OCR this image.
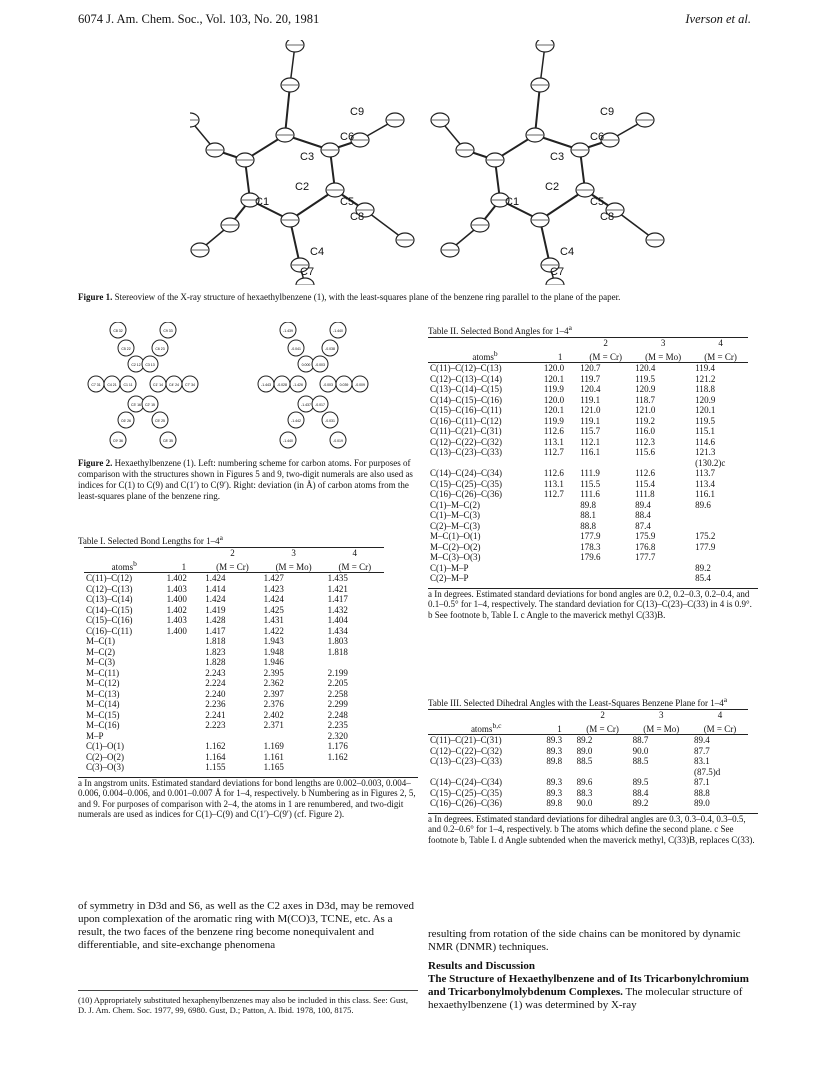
6074 J. Am. Chem. Soc., Vol. 103, No. 20, 1981	Iverson et al.
C9
C6
C3
C2
C1	C5
C8
C4
C7
C9
C6
C3
C2
C1	C5
C8
C4
C7
Figure 1. Stereoview of the X-ray structure of hexaethylbenzene (1), with the least-squares plane of the benzene ring parallel to the plane of the paper.
C8 32	C9 33
C5 22	C6 23
C2 12 C3 13
C7 31 C4 21 C1 11	C1′ 14 C4′ 24 C7′ 34
C3′ 16 C2′ 15
C6′ 26	C5′ 25
C9′ 36	C8′ 35
-1.439	-1.440
-0.041	-0.038
0.000 -0.003
-1.443 -0.028 -1.426	-0.003 0.039 -0.009
-1.437 -0.017
-1.442	-0.031
-1.440	-0.019
Figure 2. Hexaethylbenzene (1). Left: numbering scheme for carbon atoms. For purposes of comparison with the structures shown in Figures 5 and 9, two-digit numerals are also used as indices for C(1) to C(9) and C(1′) to C(9′). Right: deviation (in Å) of carbon atoms from the least-squares plane of the benzene ring.
Table I. Selected Bond Lengths for 1–4$^a$
		2	3	4
atoms$^b$	1	(M = Cr)	(M = Mo)	(M = Cr)
C(11)–C(12)	1.402	1.424	1.427	1.435
C(12)–C(13)	1.403	1.414	1.423	1.421
C(13)–C(14)	1.400	1.424	1.424	1.417
C(14)–C(15)	1.402	1.419	1.425	1.432
C(15)–C(16)	1.403	1.428	1.431	1.404
C(16)–C(11)	1.400	1.417	1.422	1.434
M–C(1)		1.818	1.943	1.803
M–C(2)		1.823	1.948	1.818
M–C(3)		1.828	1.946	
M–C(11)		2.243	2.395	2.199
M–C(12)		2.224	2.362	2.205
M–C(13)		2.240	2.397	2.258
M–C(14)		2.236	2.376	2.299
M–C(15)		2.241	2.402	2.248
M–C(16)		2.223	2.371	2.235
M–P				2.320
C(1)–O(1)		1.162	1.169	1.176
C(2)–O(2)		1.164	1.161	1.162
C(3)–O(3)		1.155	1.165	
a In angstrom units. Estimated standard deviations for bond lengths are 0.002–0.003, 0.004–0.006, 0.004–0.006, and 0.001–0.007 Å for 1–4, respectively. b Numbering as in Figures 2, 5, and 9. For purposes of comparison with 2–4, the atoms in 1 are renumbered, and two-digit numerals are used as indices for C(1)–C(9) and C(1′)–C(9′) (cf. Figure 2).
Table II. Selected Bond Angles for 1–4$^a$
		2	3	4
atoms$^b$	1	(M = Cr)	(M = Mo)	(M = Cr)
C(11)–C(12)–C(13)	120.0	120.7	120.4	119.4
C(12)–C(13)–C(14)	120.1	119.7	119.5	121.2
C(13)–C(14)–C(15)	119.9	120.4	120.9	118.8
C(14)–C(15)–C(16)	120.0	119.1	118.7	120.9
C(15)–C(16)–C(11)	120.1	121.0	121.0	120.1
C(16)–C(11)–C(12)	119.9	119.1	119.2	119.5
C(11)–C(21)–C(31)	112.6	115.7	116.0	115.1
C(12)–C(22)–C(32)	113.1	112.1	112.3	114.6
C(13)–C(23)–C(33)	112.7	116.1	115.6	121.3
				(130.2)c
C(14)–C(24)–C(34)	112.6	111.9	112.6	113.7
C(15)–C(25)–C(35)	113.1	115.5	115.4	113.4
C(16)–C(26)–C(36)	112.7	111.6	111.8	116.1
C(1)–M–C(2)		89.8	89.4	89.6
C(1)–M–C(3)		88.1	88.4	
C(2)–M–C(3)		88.8	87.4	
M–C(1)–O(1)		177.9	175.9	175.2
M–C(2)–O(2)		178.3	176.8	177.9
M–C(3)–O(3)		179.6	177.7	
C(1)–M–P				89.2
C(2)–M–P				85.4
a In degrees. Estimated standard deviations for bond angles are 0.2, 0.2–0.3, 0.2–0.4, and 0.1–0.5° for 1–4, respectively. The standard deviation for C(13)–C(23)–C(33) in 4 is 0.9°. b See footnote b, Table I. c Angle to the maverick methyl C(33)B.
Table III. Selected Dihedral Angles with the Least-Squares Benzene Plane for 1–4$^a$
		2	3	4
atoms$^{b,c}$	1	(M = Cr)	(M = Mo)	(M = Cr)
C(11)–C(21)–C(31)	89.3	89.2	88.7	89.4
C(12)–C(22)–C(32)	89.3	89.0	90.0	87.7
C(13)–C(23)–C(33)	89.8	88.5	88.5	83.1
				(87.5)d
C(14)–C(24)–C(34)	89.3	89.6	89.5	87.1
C(15)–C(25)–C(35)	89.3	88.3	88.4	88.8
C(16)–C(26)–C(36)	89.8	90.0	89.2	89.0
a In degrees. Estimated standard deviations for dihedral angles are 0.3, 0.3–0.4, 0.3–0.5, and 0.2–0.6° for 1–4, respectively. b The atoms which define the second plane. c See footnote b, Table I. d Angle subtended when the maverick methyl, C(33)B, replaces C(33).
of symmetry in D3d and S6, as well as the C2 axes in D3d, may be removed upon complexation of the aromatic ring with M(CO)3, TCNE, etc. As a result, the two faces of the benzene ring become nonequivalent and differentiable, and site-exchange phenomena
(10) Appropriately substituted hexaphenylbenzenes may also be included in this class. See: Gust, D. J. Am. Chem. Soc. 1977, 99, 6980. Gust, D.; Patton, A. Ibid. 1978, 100, 8175.
resulting from rotation of the side chains can be monitored by dynamic NMR (DNMR) techniques.
Results and Discussion
The Structure of Hexaethylbenzene and of Its Tricarbonylchromium and Tricarbonylmolybdenum Complexes. The molecular structure of hexaethylbenzene (1) was determined by X-ray
